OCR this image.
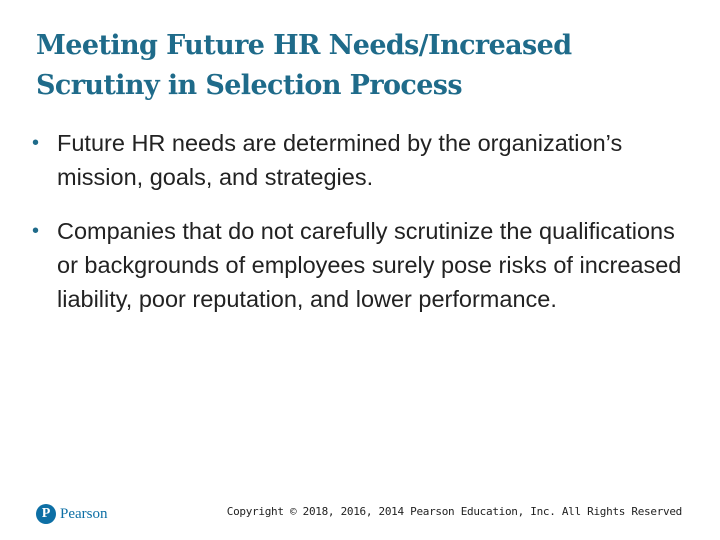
Meeting Future HR Needs/Increased Scrutiny in Selection Process
• Future HR needs are determined by the organization’s mission, goals, and strategies.
• Companies that do not carefully scrutinize the qualifications or backgrounds of employees surely pose risks of increased liability, poor reputation, and lower performance.
P Pearson	Copyright © 2018, 2016, 2014 Pearson Education, Inc. All Rights Reserved
